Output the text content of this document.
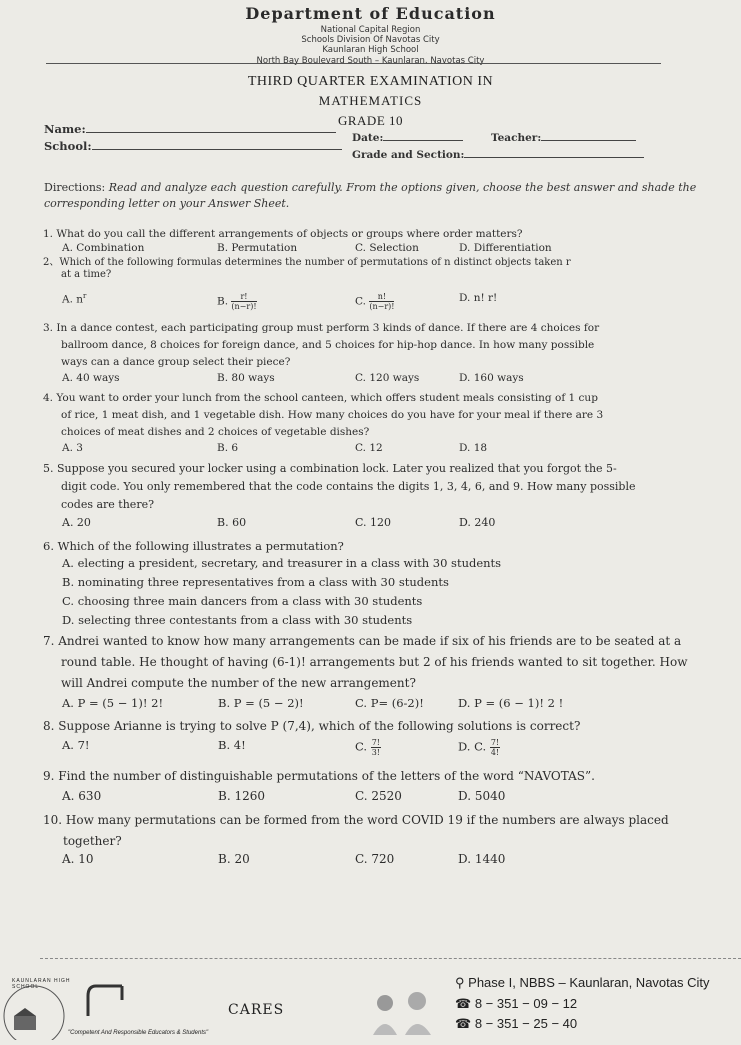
Department of Education
National Capital Region
Schools Division Of Navotas City
Kaunlaran High School
North Bay Boulevard South – Kaunlaran, Navotas City
THIRD QUARTER EXAMINATION IN
MATHEMATICS
GRADE 10
Name:
Date:	Teacher:
School:
Grade and Section:
Directions: Read and analyze each question carefully. From the options given, choose the best answer and shade the corresponding letter on your Answer Sheet.
1. What do you call the different arrangements of objects or groups where order matters?
A. Combination	B. Permutation	C. Selection	D. Differentiation
2、Which of the following formulas determines the number of permutations of n distinct objects taken r
at a time?
A. $n^r$	B. $\frac{r!}{(n-r)!}$	C. $\frac{n!}{(n-r)!}$	D. n! r!
3. In a dance contest, each participating group must perform 3 kinds of dance. If there are 4 choices for
ballroom dance, 8 choices for foreign dance, and 5 choices for hip-hop dance. In how many possible
ways can a dance group select their piece?
A. 40 ways	B. 80 ways	C. 120 ways	D. 160 ways
4. You want to order your lunch from the school canteen, which offers student meals consisting of 1 cup
of rice, 1 meat dish, and 1 vegetable dish. How many choices do you have for your meal if there are 3
choices of meat dishes and 2 choices of vegetable dishes?
A. 3	B. 6	C. 12	D. 18
5. Suppose you secured your locker using a combination lock. Later you realized that you forgot the 5-
digit code. You only remembered that the code contains the digits 1, 3, 4, 6, and 9. How many possible
codes are there?
A. 20	B. 60	C. 120	D. 240
6. Which of the following illustrates a permutation?
A. electing a president, secretary, and treasurer in a class with 30 students
B. nominating three representatives from a class with 30 students
C. choosing three main dancers from a class with 30 students
D. selecting three contestants from a class with 30 students
7. Andrei wanted to know how many arrangements can be made if six of his friends are to be seated at a
round table. He thought of having (6-1)! arrangements but 2 of his friends wanted to sit together. How
will Andrei compute the number of the new arrangement?
A. P = (5 − 1)! 2!	B. P = (5 − 2)!	C. P= (6-2)!	D. P = (6 − 1)! 2 !
8. Suppose Arianne is trying to solve P (7,4), which of the following solutions is correct?
A. 7!	B. 4!	C. $\frac{7!}{3!}$	D. C. $\frac{7!}{4!}$
9. Find the number of distinguishable permutations of the letters of the word “NAVOTAS”.
A. 630	B. 1260	C. 2520	D. 5040
10. How many permutations can be formed from the word COVID 19 if the numbers are always placed
together?
A. 10	B. 20	C. 720	D. 1440
KAUNLARAN HIGH SCHOOL
CARES
"Competent And Responsible Educators & Students"
⚲ Phase I, NBBS – Kaunlaran, Navotas City
☎ 8 − 351 − 09 − 12
☎ 8 − 351 − 25 − 40
